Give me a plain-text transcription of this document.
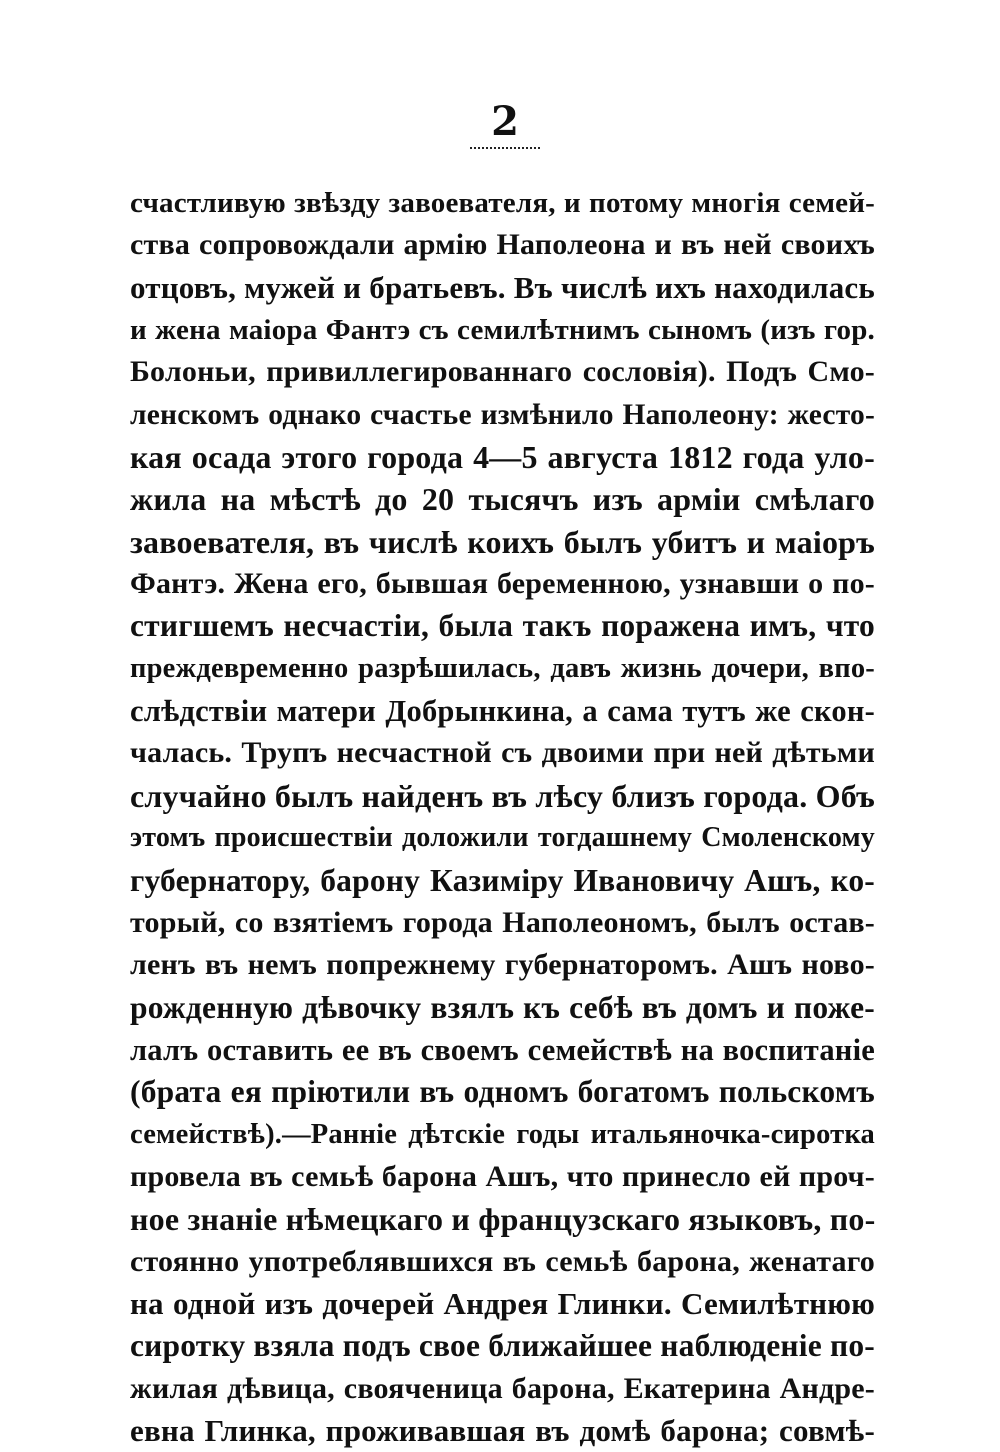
2
счастливую звѣзду завоевателя, и потому многія семей-
ства сопровождали армію Наполеона и въ ней своихъ
отцовъ, мужей и братьевъ. Въ числѣ ихъ находилась
и жена маіора Фантэ съ семилѣтнимъ сыномъ (изъ гор.
Болоньи, привиллегированнаго сословія). Подъ Смо-
ленскомъ однако счастье измѣнило Наполеону: жесто-
кая осада этого города 4—5 августа 1812 года уло-
жила на мѣстѣ до 20 тысячъ изъ арміи смѣлаго
завоевателя, въ числѣ коихъ былъ убитъ и маіоръ
Фантэ. Жена его, бывшая беременною, узнавши о по-
стигшемъ несчастіи, была такъ поражена имъ, что
преждевременно разрѣшилась, давъ жизнь дочери, впо-
слѣдствіи матери Добрынкина, а сама тутъ же скон-
чалась. Трупъ несчастной съ двоими при ней дѣтьми
случайно былъ найденъ въ лѣсу близъ города. Объ
этомъ происшествіи доложили тогдашнему Смоленскому
губернатору, барону Казиміру Ивановичу Ашъ, ко-
торый, со взятіемъ города Наполеономъ, былъ остав-
ленъ въ немъ попрежнему губернаторомъ. Ашъ ново-
рожденную дѣвочку взялъ къ себѣ въ домъ и поже-
лалъ оставить ее въ своемъ семействѣ на воспитаніе
(брата ея пріютили въ одномъ богатомъ польскомъ
семействѣ).—Ранніе дѣтскіе годы итальяночка-сиротка
провела въ семьѣ барона Ашъ, что принесло ей проч-
ное знаніе нѣмецкаго и французскаго языковъ, по-
стоянно употреблявшихся въ семьѣ барона, женатаго
на одной изъ дочерей Андрея Глинки. Семилѣтнюю
сиротку взяла подъ свое ближайшее наблюденіе по-
жилая дѣвица, свояченица барона, Екатерина Андре-
евна Глинка, проживавшая въ домѣ барона; совмѣ-
